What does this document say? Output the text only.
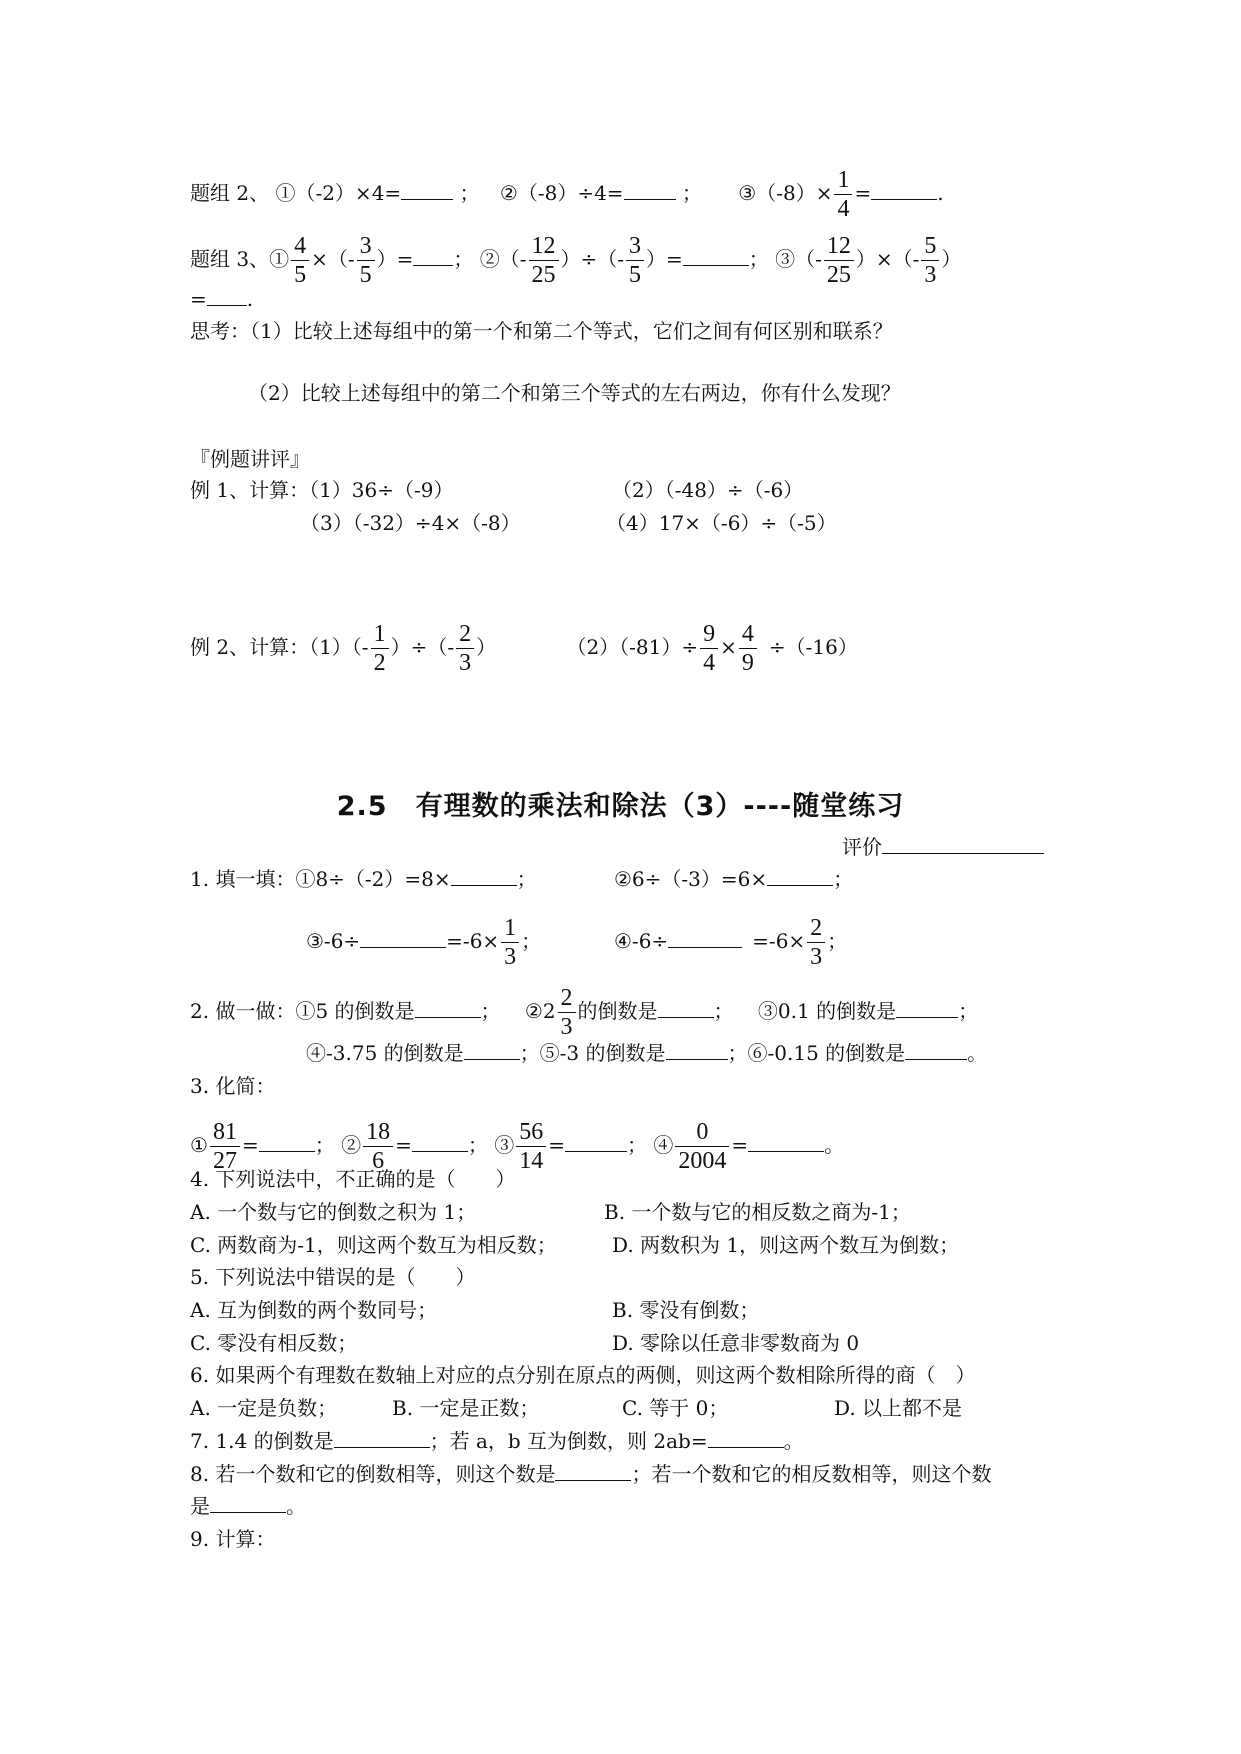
题组 2、 ①（-2）×4=	； ②（-8）÷4=	； ③（-8）× $\frac{1}{4}$ =	.
题组 3、① $\frac{4}{5}$ ×（- $\frac{3}{5}$ ）= ； ②（- $\frac{12}{25}$ ）÷（- $\frac{3}{5}$ ）=	； ③（- $\frac{12}{25}$ ）×（- $\frac{5}{3}$ ）
= .
思考：（1）比较上述每组中的第一个和第二个等式，它们之间有何区别和联系？
（2）比较上述每组中的第二个和第三个等式的左右两边，你有什么发现？
『例题讲评』
例 1、计算：（1）36÷（-9）	（2）（-48）÷（-6）
（3）（-32）÷4×（-8）	（4）17×（-6）÷（-5）
例 2、计算：$(1)(- \frac{1}{2}$ ）÷（- $\frac{2}{3}$ ）	$(2)(-81)\div \frac{9}{4} \times \frac{4}{9} \div(-16)$
2.5　有理数的乘法和除法（3）----随堂练习
评价
1. 填一填：①8÷（-2）=8×	；	②6÷（-3）=6×	；
③-6÷	$=-6\times \frac{1}{3}$ ；	④-6÷	$=-6\times \frac{2}{3}$ ；
2. 做一做：①5 的倒数是	； ②2 $\frac{2}{3}$ 的倒数是	； ③0.1 的倒数是	；
④-3.75 的倒数是	；⑤-3 的倒数是	；⑥-0.15 的倒数是	。
3. 化简：
① $\frac{81}{27}$ =	； ② $\frac{18}{6}$ =	； ③ $\frac{56}{14}$ =	； ④ $\frac{0}{2004}$ =	。
4. 下列说法中，不正确的是（　　）
A. 一个数与它的倒数之积为 1；	B. 一个数与它的相反数之商为-1；
C. 两数商为-1，则这两个数互为相反数；	D. 两数积为 1，则这两个数互为倒数；
5. 下列说法中错误的是（　　）
A. 互为倒数的两个数同号；	B. 零没有倒数；
C. 零没有相反数；	D. 零除以任意非零数商为 0
6. 如果两个有理数在数轴上对应的点分别在原点的两侧，则这两个数相除所得的商（　）
A. 一定是负数；	B. 一定是正数；	C. 等于 0；	D. 以上都不是
7. 1.4 的倒数是	；若 a，b 互为倒数，则 2ab=	。
8. 若一个数和它的倒数相等，则这个数是	；若一个数和它的相反数相等，则这个数
是	。
9. 计算：
